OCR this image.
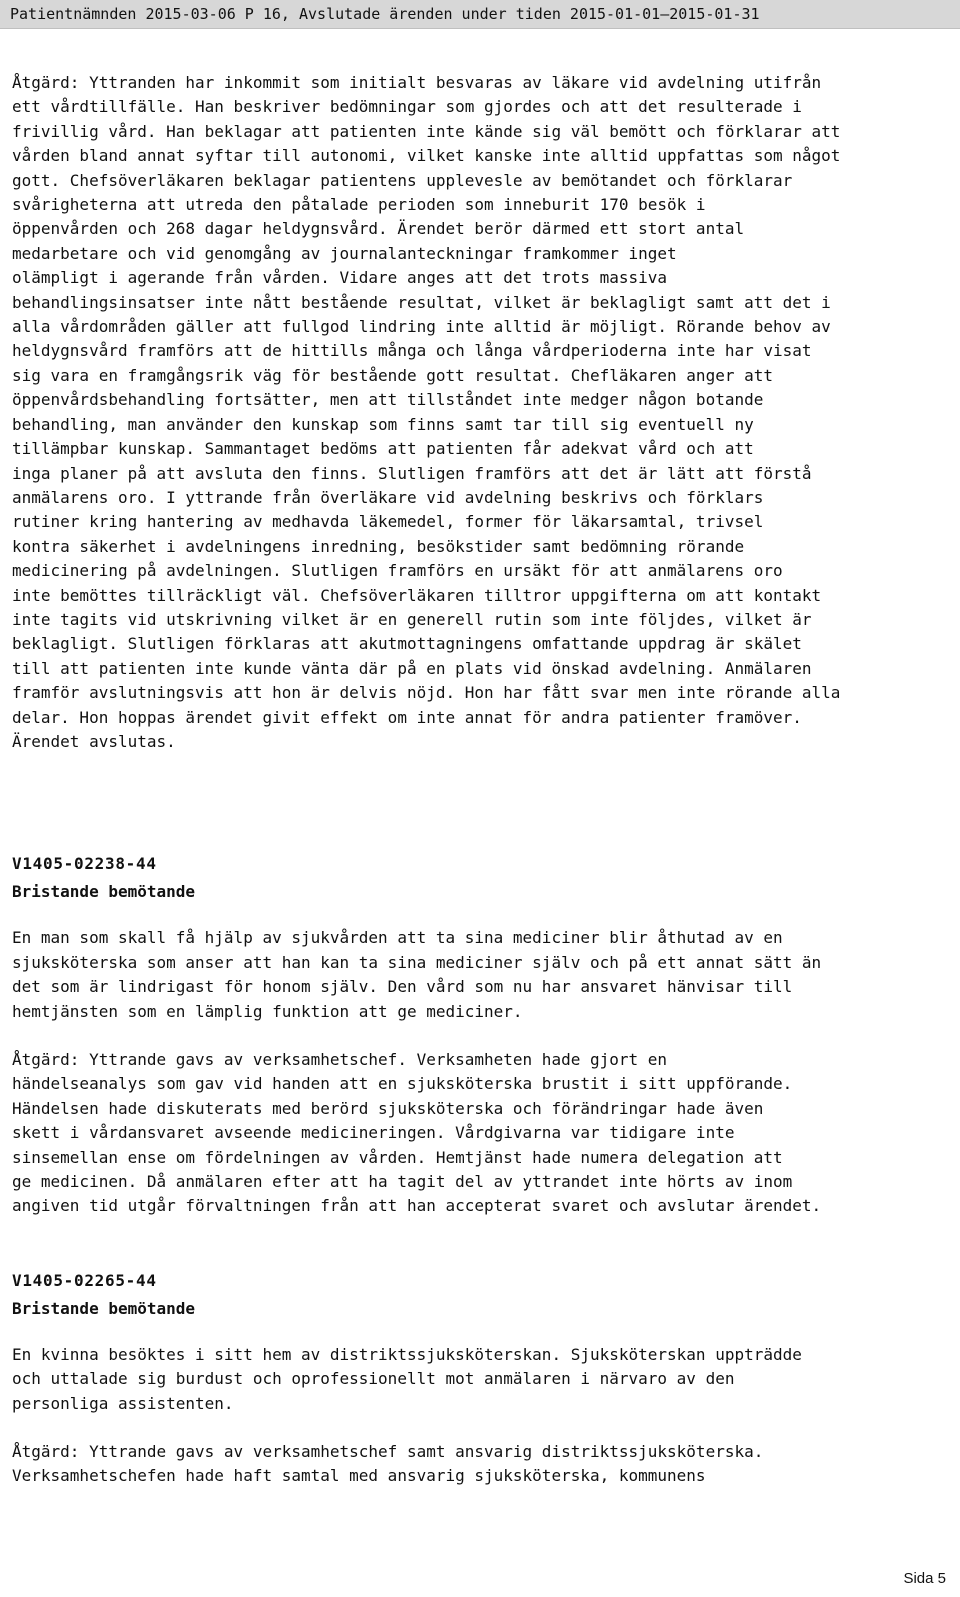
Patientnämnden 2015-03-06 P 16, Avslutade ärenden under tiden 2015-01-01—2015-01-31

Åtgärd: Yttranden har inkommit som initialt besvaras av läkare vid avdelning utifrån
ett vårdtillfälle. Han beskriver bedömningar som gjordes och att det resulterade i
frivillig vård. Han beklagar att patienten inte kände sig väl bemött och förklarar att
vården bland annat syftar till autonomi, vilket kanske inte alltid uppfattas som något
gott. Chefsöverläkaren beklagar patientens upplevesle av bemötandet och förklarar
svårigheterna att utreda den påtalade perioden som inneburit 170 besök i
öppenvården och 268 dagar heldygnsvård. Ärendet berör därmed ett stort antal
medarbetare och vid genomgång av journalanteckningar framkommer inget
olämpligt i agerande från vården. Vidare anges att det trots massiva
behandlingsinsatser inte nått bestående resultat, vilket är beklagligt samt att det i
alla vårdområden gäller att fullgod lindring inte alltid är möjligt. Rörande behov av
heldygnsvård framförs att de hittills många och långa vårdperioderna inte har visat
sig vara en framgångsrik väg för bestående gott resultat. Chefläkaren anger att
öppenvårdsbehandling fortsätter, men att tillståndet inte medger någon botande
behandling, man använder den kunskap som finns samt tar till sig eventuell ny
tillämpbar kunskap. Sammantaget bedöms att patienten får adekvat vård och att
inga planer på att avsluta den finns. Slutligen framförs att det är lätt att förstå
anmälarens oro. I yttrande från överläkare vid avdelning beskrivs och förklars
rutiner kring hantering av medhavda läkemedel, former för läkarsamtal, trivsel
kontra säkerhet i avdelningens inredning, besökstider samt bedömning rörande
medicinering på avdelningen. Slutligen framförs en ursäkt för att anmälarens oro
inte bemöttes tillräckligt väl. Chefsöverläkaren tilltror uppgifterna om att kontakt
inte tagits vid utskrivning vilket är en generell rutin som inte följdes, vilket är
beklagligt. Slutligen förklaras att akutmottagningens omfattande uppdrag är skälet
till att patienten inte kunde vänta där på en plats vid önskad avdelning. Anmälaren
framför avslutningsvis att hon är delvis nöjd. Hon har fått svar men inte rörande alla
delar. Hon hoppas ärendet givit effekt om inte annat för andra patienter framöver.
Ärendet avslutas.

V1405-02238-44
Bristande bemötande

En man som skall få hjälp av sjukvården att ta sina mediciner blir åthutad av en
sjuksköterska som anser att han kan ta sina mediciner själv och på ett annat sätt än
det som är lindrigast för honom själv. Den vård som nu har ansvaret hänvisar till
hemtjänsten som en lämplig funktion att ge mediciner.

Åtgärd: Yttrande gavs av verksamhetschef. Verksamheten hade gjort en
händelseanalys som gav vid handen att en sjuksköterska brustit i sitt uppförande.
Händelsen hade diskuterats med berörd sjuksköterska och förändringar hade även
skett i vårdansvaret avseende medicineringen. Vårdgivarna var tidigare inte
sinsemellan ense om fördelningen av vården. Hemtjänst hade numera delegation att
ge medicinen. Då anmälaren efter att ha tagit del av yttrandet inte hörts av inom
angiven tid utgår förvaltningen från att han accepterat svaret och avslutar ärendet.

V1405-02265-44
Bristande bemötande

En kvinna besöktes i sitt hem av distriktssjuksköterskan. Sjuksköterskan uppträdde
och uttalade sig burdust och oprofessionellt mot anmälaren i närvaro av den
personliga assistenten.

Åtgärd: Yttrande gavs av verksamhetschef samt ansvarig distriktssjuksköterska.
Verksamhetschefen hade haft samtal med ansvarig sjuksköterska, kommunens

Sida 5
